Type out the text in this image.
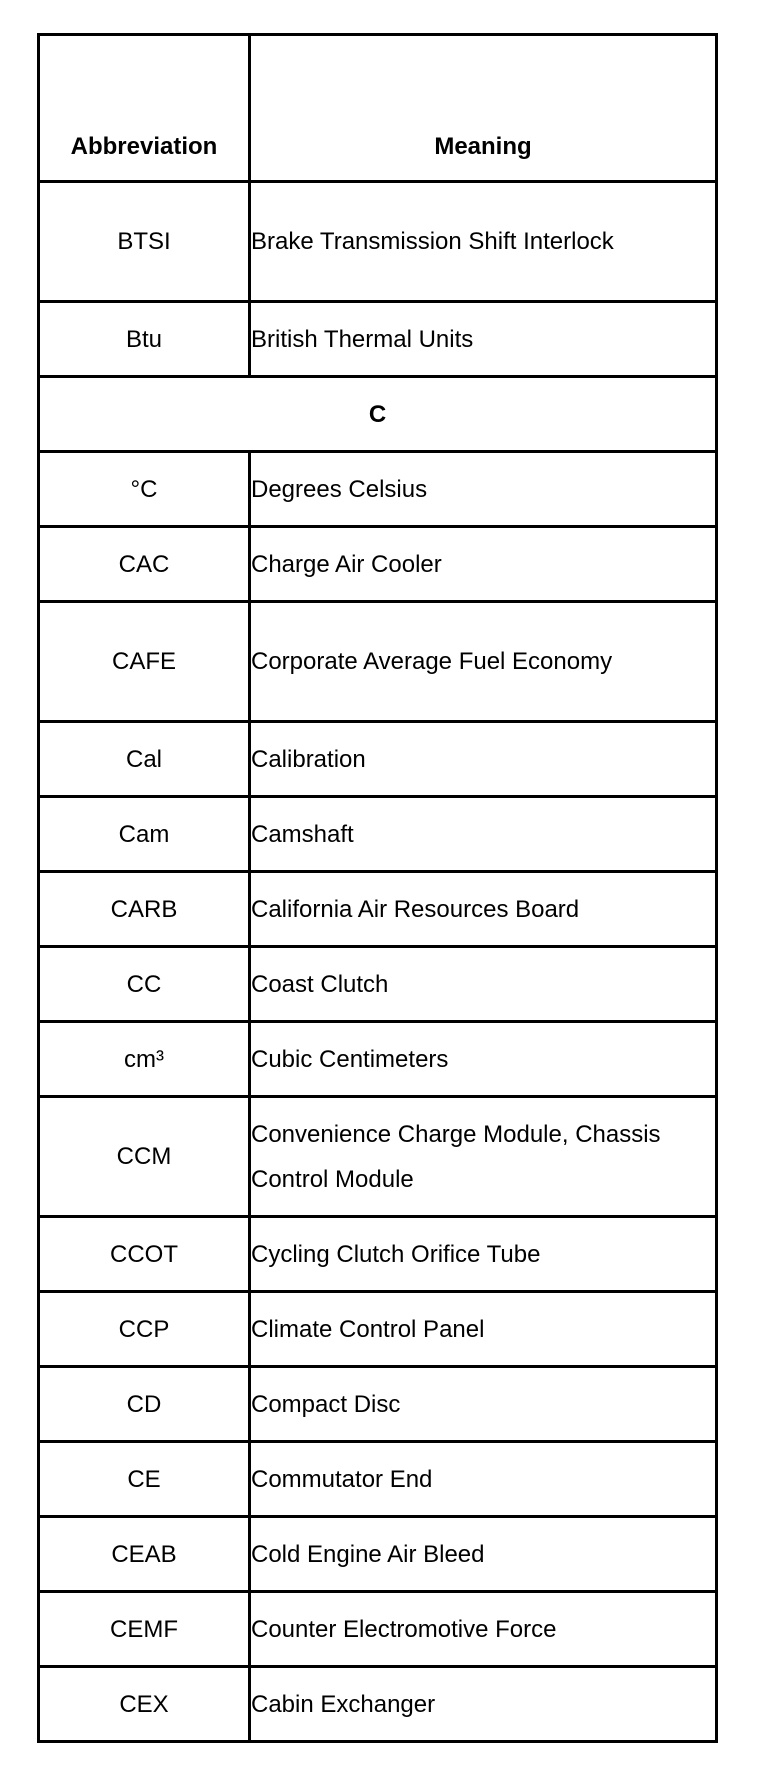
Abbreviation	Meaning
BTSI	Brake Transmission Shift Interlock
Btu	British Thermal Units
C	
°C	Degrees Celsius
CAC	Charge Air Cooler
CAFE	Corporate Average Fuel Economy
Cal	Calibration
Cam	Camshaft
CARB	California Air Resources Board
CC	Coast Clutch
cm³	Cubic Centimeters
CCM	Convenience Charge Module, Chassis Control Module
CCOT	Cycling Clutch Orifice Tube
CCP	Climate Control Panel
CD	Compact Disc
CE	Commutator End
CEAB	Cold Engine Air Bleed
CEMF	Counter Electromotive Force
CEX	Cabin Exchanger
